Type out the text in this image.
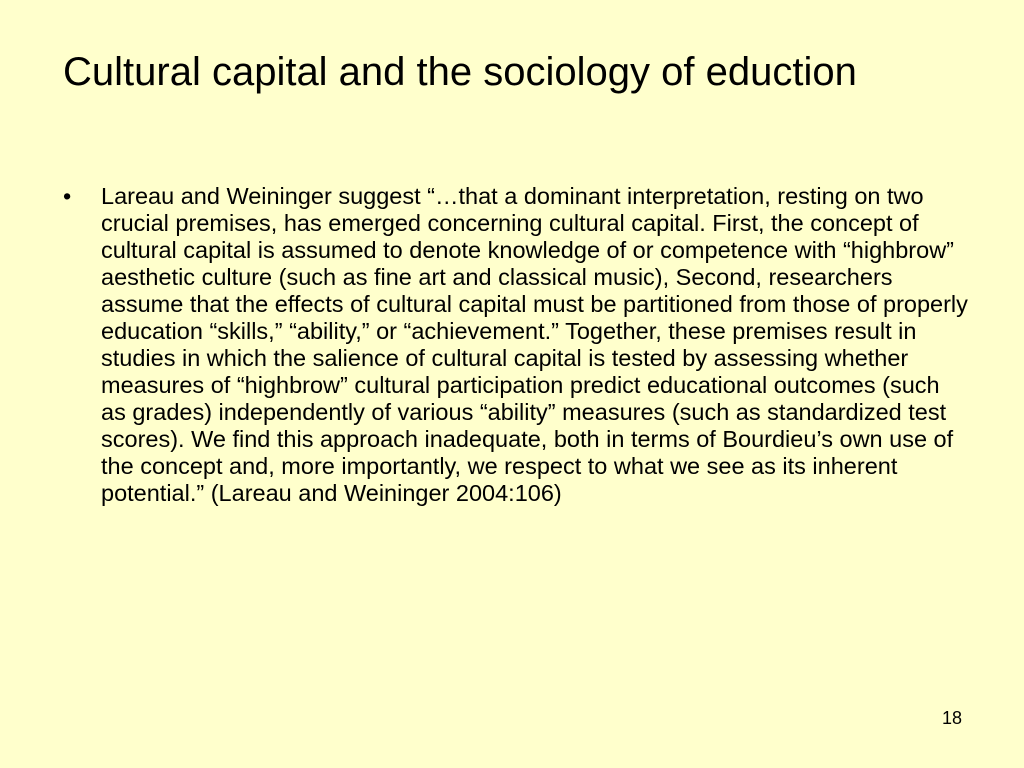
Cultural capital and the sociology of eduction
• Lareau and Weininger suggest “…that a dominant interpretation, resting on two crucial premises, has emerged concerning cultural capital. First, the concept of cultural capital is assumed to denote knowledge of or competence with “highbrow” aesthetic culture (such as fine art and classical music), Second, researchers assume that the effects of cultural capital must be partitioned from those of properly education “skills,” “ability,” or “achievement.” Together, these premises result in studies in which the salience of cultural capital is tested by assessing whether measures of “highbrow” cultural participation predict educational outcomes (such as grades) independently of various “ability” measures (such as standardized test scores). We find this approach inadequate, both in terms of Bourdieu’s own use of the concept and, more importantly, we respect to what we see as its inherent potential.” (Lareau and Weininger 2004:106)
18
